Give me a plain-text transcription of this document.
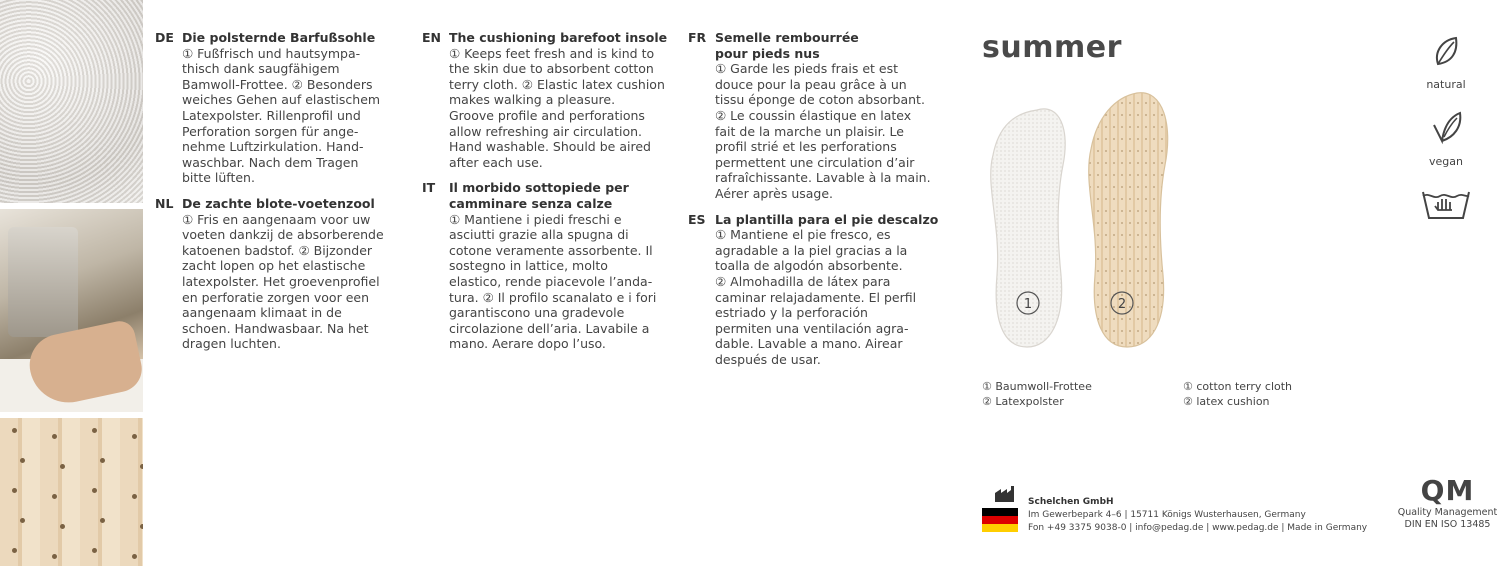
DE Die polsternde Barfußsohle
① Fußfrisch und hautsympa-
thisch dank saugfähigem
Bamwoll-Frottee. ② Besonders
weiches Gehen auf elastischem
Latexpolster. Rillenprofil und
Perforation sorgen für ange-
nehme Luftzirkulation. Hand-
waschbar. Nach dem Tragen
bitte lüften.
NL De zachte blote-voetenzool
① Fris en aangenaam voor uw
voeten dankzij de absorberende
katoenen badstof. ② Bijzonder
zacht lopen op het elastische
latexpolster. Het groevenprofiel
en perforatie zorgen voor een
aangenaam klimaat in de
schoen. Handwasbaar. Na het
dragen luchten.
EN The cushioning barefoot insole
① Keeps feet fresh and is kind to
the skin due to absorbent cotton
terry cloth. ② Elastic latex cushion
makes walking a pleasure.
Groove profile and perforations
allow refreshing air circulation.
Hand washable. Should be aired
after each use.
IT Il morbido sottopiede per
camminare senza calze
① Mantiene i piedi freschi e
asciutti grazie alla spugna di
cotone veramente assorbente. Il
sostegno in lattice, molto
elastico, rende piacevole l’anda-
tura. ② Il profilo scanalato e i fori
garantiscono una gradevole
circolazione dell’aria. Lavabile a
mano. Aerare dopo l’uso.
FR Semelle rembourrée
pour pieds nus
① Garde les pieds frais et est
douce pour la peau grâce à un
tissu éponge de coton absorbant.
② Le coussin élastique en latex
fait de la marche un plaisir. Le
profil strié et les perforations
permettent une circulation d’air
rafraîchissante. Lavable à la main.
Aérer après usage.
ES La plantilla para el pie descalzo
① Mantiene el pie fresco, es
agradable a la piel gracias a la
toalla de algodón absorbente.
② Almohadilla de látex para
caminar relajadamente. El perfil
estriado y la perforación
permiten una ventilación agra-
dable. Lavable a mano. Airear
después de usar.
summer
1	2
natural
vegan
① Baumwoll-Frottee
② Latexpolster
① cotton terry cloth
② latex cushion
Schelchen GmbH
Im Gewerbepark 4–6 | 15711 Königs Wusterhausen, Germany
Fon +49 3375 9038-0 | info@pedag.de | www.pedag.de | Made in Germany
QM
Quality Management
DIN EN ISO 13485
